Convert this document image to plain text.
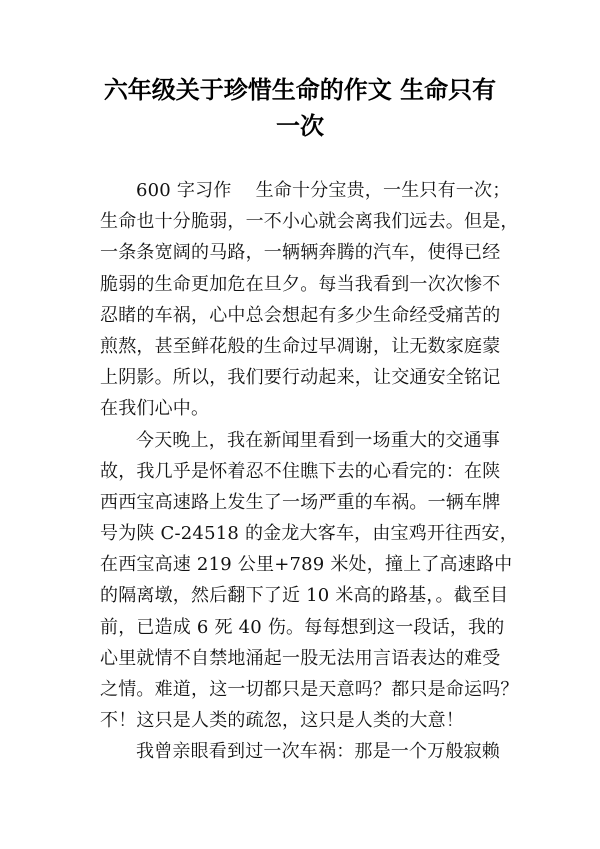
六年级关于珍惜生命的作文 生命只有
一次
600 字习作 　生命十分宝贵，一生只有一次；
生命也十分脆弱，一不小心就会离我们远去。但是，
一条条宽阔的马路，一辆辆奔腾的汽车，使得已经
脆弱的生命更加危在旦夕。每当我看到一次次惨不
忍睹的车祸，心中总会想起有多少生命经受痛苦的
煎熬，甚至鲜花般的生命过早凋谢，让无数家庭蒙
上阴影。所以，我们要行动起来，让交通安全铭记
在我们心中。
今天晚上，我在新闻里看到一场重大的交通事
故，我几乎是怀着忍不住瞧下去的心看完的：在陕
西西宝高速路上发生了一场严重的车祸。一辆车牌
号为陕 C-24518 的金龙大客车，由宝鸡开往西安，
在西宝高速 219 公里+789 米处，撞上了高速路中
的隔离墩，然后翻下了近 10 米高的路基，。截至目
前，已造成 6 死 40 伤。每每想到这一段话，我的
心里就情不自禁地涌起一股无法用言语表达的难受
之情。难道，这一切都只是天意吗？都只是命运吗？
不！这只是人类的疏忽，这只是人类的大意！
我曾亲眼看到过一次车祸：那是一个万般寂赖
